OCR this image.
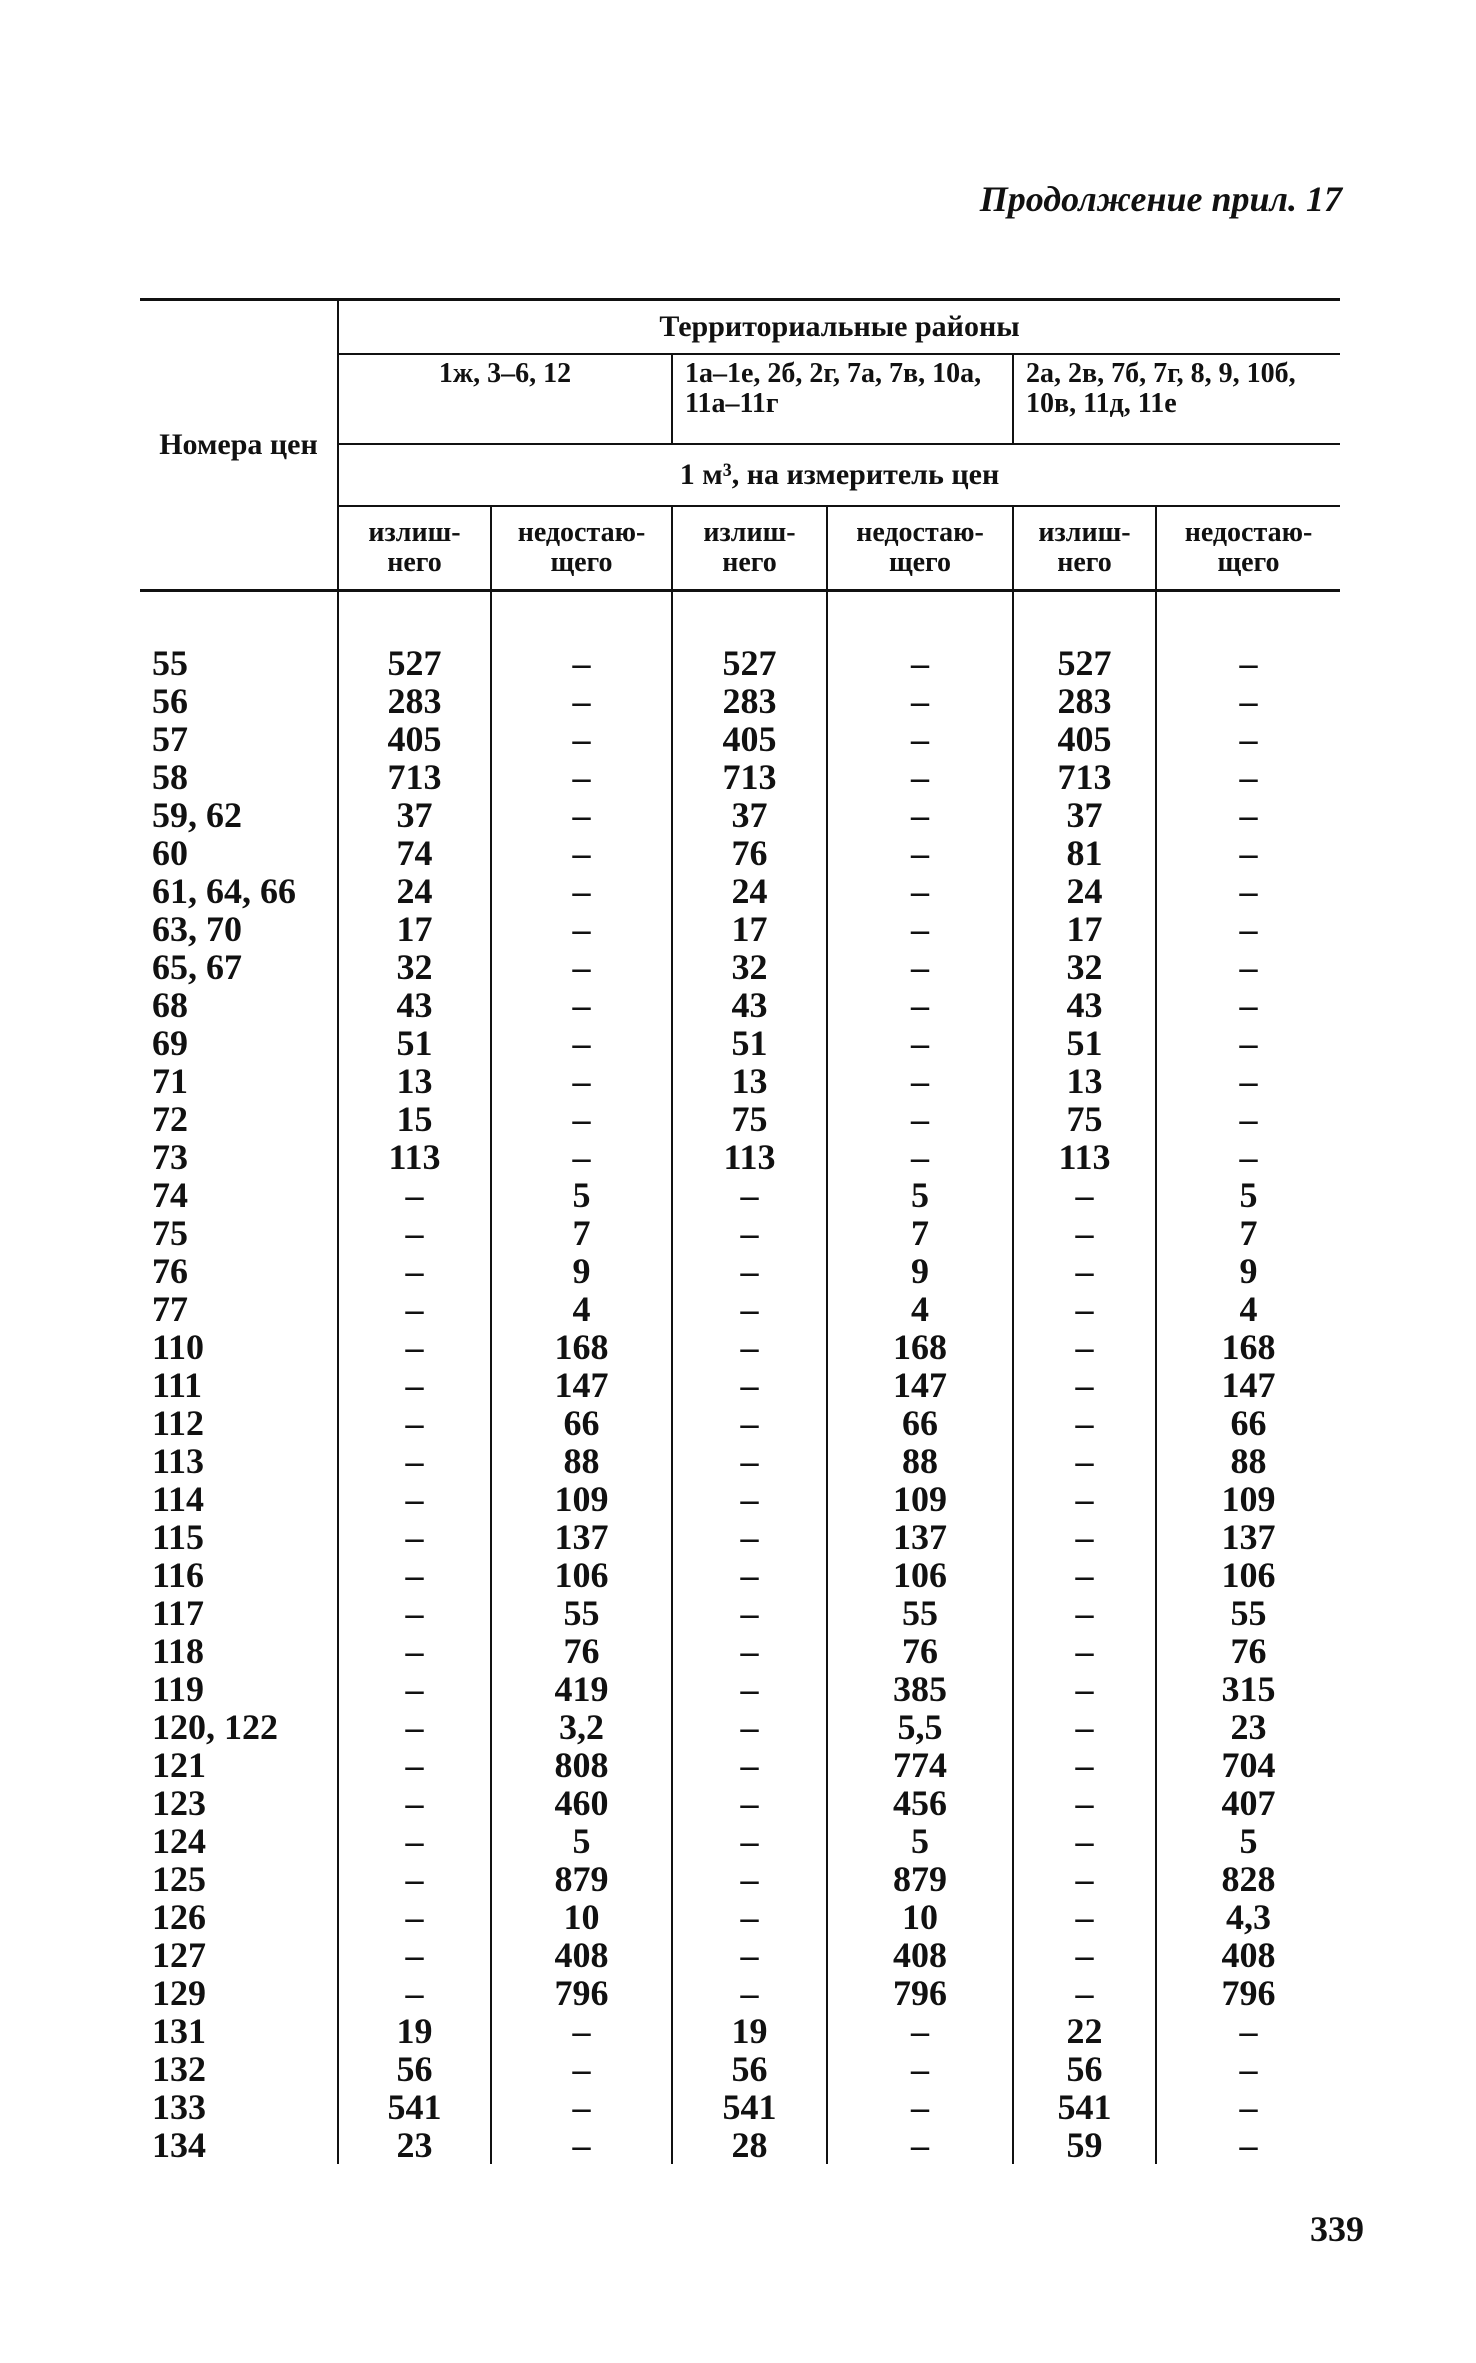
Продолжение прил. 17
Номера цен	Территориальные районы					
	1ж, 3–6, 12		1а–1е, 2б, 2г, 7а, 7в, 10а, 11а–11г		2а, 2в, 7б, 7г, 8, 9, 10б, 10в, 11д, 11е	
	1 м³, на измеритель цен					
	излиш-него	недостаю-щего	излиш-него	недостаю-щего	излиш-него	недостаю-щего

55	527	–	527	–	527	–
56	283	–	283	–	283	–
57	405	–	405	–	405	–
58	713	–	713	–	713	–
59, 62	37	–	37	–	37	–
60	74	–	76	–	81	–
61, 64, 66	24	–	24	–	24	–
63, 70	17	–	17	–	17	–
65, 67	32	–	32	–	32	–
68	43	–	43	–	43	–
69	51	–	51	–	51	–
71	13	–	13	–	13	–
72	15	–	75	–	75	–
73	113	–	113	–	113	–
74	–	5	–	5	–	5
75	–	7	–	7	–	7
76	–	9	–	9	–	9
77	–	4	–	4	–	4
110	–	168	–	168	–	168
111	–	147	–	147	–	147
112	–	66	–	66	–	66
113	–	88	–	88	–	88
114	–	109	–	109	–	109
115	–	137	–	137	–	137
116	–	106	–	106	–	106
117	–	55	–	55	–	55
118	–	76	–	76	–	76
119	–	419	–	385	–	315
120, 122	–	3,2	–	5,5	–	23
121	–	808	–	774	–	704
123	–	460	–	456	–	407
124	–	5	–	5	–	5
125	–	879	–	879	–	828
126	–	10	–	10	–	4,3
127	–	408	–	408	–	408
129	–	796	–	796	–	796
131	19	–	19	–	22	–
132	56	–	56	–	56	–
133	541	–	541	–	541	–
134	23	–	28	–	59	–
339
